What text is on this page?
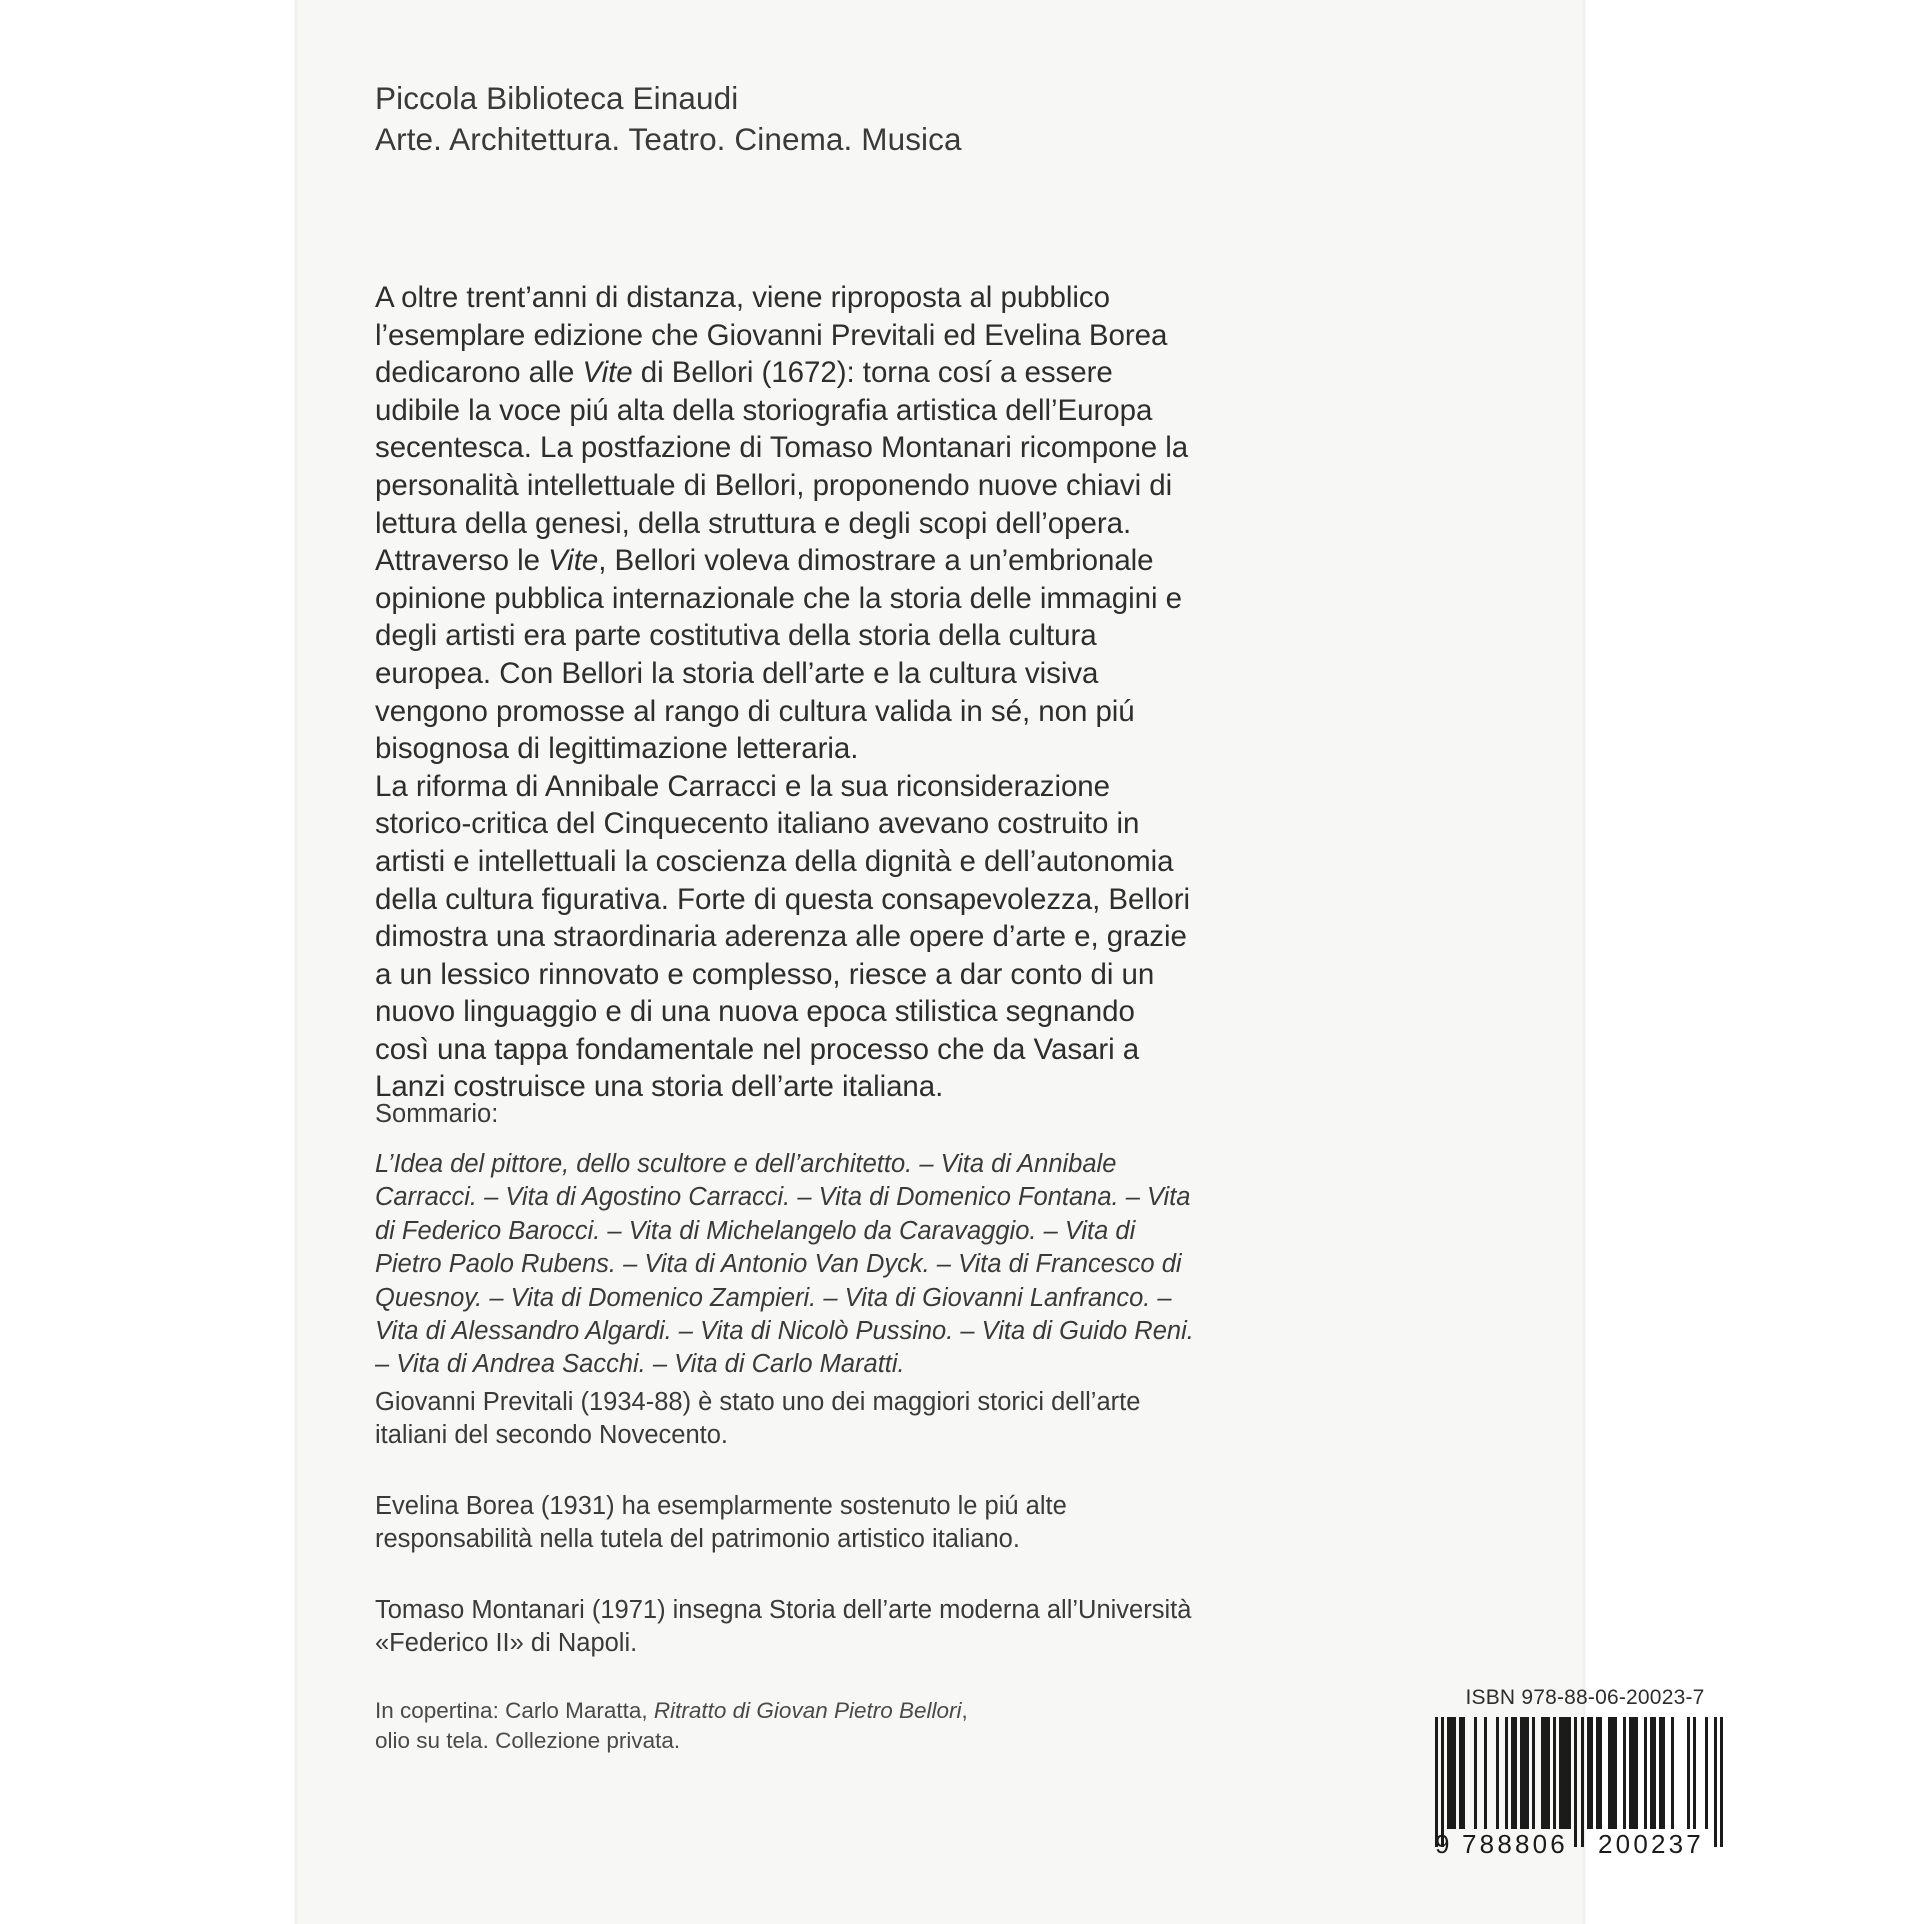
Piccola Biblioteca Einaudi
Arte. Architettura. Teatro. Cinema. Musica

A oltre trent’anni di distanza, viene riproposta al pubblico l’esemplare edizione che Giovanni Previtali ed Evelina Borea dedicarono alle Vite di Bellori (1672): torna cosí a essere udibile la voce piú alta della storiografia artistica dell’Europa secentesca. La postfazione di Tomaso Montanari ricompone la personalità intellettuale di Bellori, proponendo nuove chiavi di lettura della genesi, della struttura e degli scopi dell’opera. Attraverso le Vite, Bellori voleva dimostrare a un’embrionale opinione pubblica internazionale che la storia delle immagini e degli artisti era parte costitutiva della storia della cultura europea. Con Bellori la storia dell’arte e la cultura visiva vengono promosse al rango di cultura valida in sé, non piú bisognosa di legittimazione letteraria.

La riforma di Annibale Carracci e la sua riconsiderazione storico-critica del Cinquecento italiano avevano costruito in artisti e intellettuali la coscienza della dignità e dell’autonomia della cultura figurativa. Forte di questa consapevolezza, Bellori dimostra una straordinaria aderenza alle opere d’arte e, grazie a un lessico rinnovato e complesso, riesce a dar conto di un nuovo linguaggio e di una nuova epoca stilistica segnando così una tappa fondamentale nel processo che da Vasari a Lanzi costruisce una storia dell’arte italiana.

Sommario:

L’Idea del pittore, dello scultore e dell’architetto. – Vita di Annibale Carracci. – Vita di Agostino Carracci. – Vita di Domenico Fontana. – Vita di Federico Barocci. – Vita di Michelangelo da Caravaggio. – Vita di Pietro Paolo Rubens. – Vita di Antonio Van Dyck. – Vita di Francesco di Quesnoy. – Vita di Domenico Zampieri. – Vita di Giovanni Lanfranco. – Vita di Alessandro Algardi. – Vita di Nicolò Pussino. – Vita di Guido Reni. – Vita di Andrea Sacchi. – Vita di Carlo Maratti.

Giovanni Previtali (1934-88) è stato uno dei maggiori storici dell’arte italiani del secondo Novecento.

Evelina Borea (1931) ha esemplarmente sostenuto le piú alte responsabilità nella tutela del patrimonio artistico italiano.

Tomaso Montanari (1971) insegna Storia dell’arte moderna all’Università «Federico II» di Napoli.

In copertina: Carlo Maratta, Ritratto di Giovan Pietro Bellori,

olio su tela. Collezione privata.

ISBN 978-88-06-20023-7
9 788806 200237
